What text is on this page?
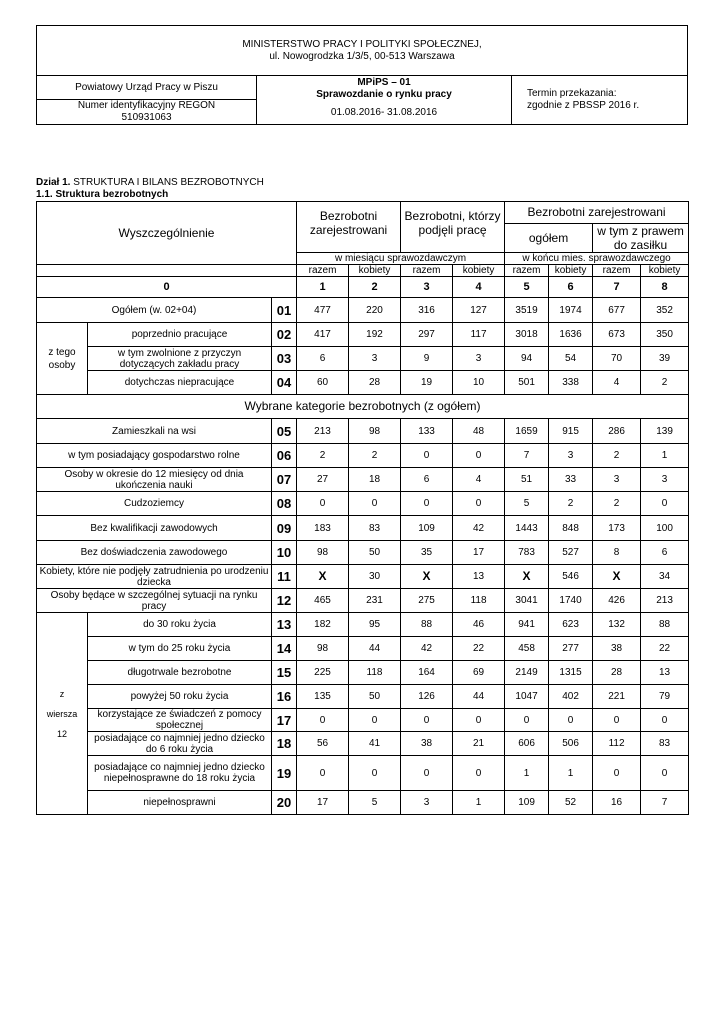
MINISTERSTWO PRACY I POLITYKI SPOŁECZNEJ,
ul. Nowogrodzka 1/3/5, 00-513 Warszawa
Powiatowy Urząd Pracy w Piszu
Numer identyfikacyjny REGON
510931063
MPiPS – 01
Sprawozdanie o rynku pracy
01.08.2016- 31.08.2016
Termin przekazania:
zgodnie z PBSSP 2016 r.
Dział 1. STRUKTURA I BILANS BEZROBOTNYCH
1.1. Struktura bezrobotnych
Wyszczególnienie			Bezrobotni zarejestrowani		Bezrobotni, którzy podjęli pracę		Bezrobotni zarejestrowani			
							ogółem		w tym z prawem do zasiłku	
			w miesiącu sprawozdawczym				w końcu mies. sprawozdawczego			
			razem	kobiety	razem	kobiety	razem	kobiety	razem	kobiety
0			1	2	3	4	5	6	7	8
Ogółem (w. 02+04)		01	477	220	316	127	3519	1974	677	352
z tego osoby	poprzednio pracujące	02	417	192	297	117	3018	1636	673	350
	w tym zwolnione z przyczyn dotyczących zakładu pracy	03	6	3	9	3	94	54	70	39
	dotychczas niepracujące	04	60	28	19	10	501	338	4	2
Wybrane kategorie bezrobotnych (z ogółem)										
Zamieszkali na wsi		05	213	98	133	48	1659	915	286	139
w tym posiadający gospodarstwo rolne		06	2	2	0	0	7	3	2	1
Osoby w okresie do 12 miesięcy od dnia ukończenia nauki		07	27	18	6	4	51	33	3	3
Cudzoziemcy		08	0	0	0	0	5	2	2	0
Bez kwalifikacji zawodowych		09	183	83	109	42	1443	848	173	100
Bez doświadczenia zawodowego		10	98	50	35	17	783	527	8	6
Kobiety, które nie podjęły zatrudnienia po urodzeniu dziecka		11	X	30	X	13	X	546	X	34
Osoby będące w szczególnej sytuacji na rynku pracy		12	465	231	275	118	3041	1740	426	213

z
wiersza
12	do 30 roku życia	13	182	95	88	46	941	623	132	88
	w tym do 25 roku życia	14	98	44	42	22	458	277	38	22
	długotrwale bezrobotne	15	225	118	164	69	2149	1315	28	13
	powyżej 50 roku życia	16	135	50	126	44	1047	402	221	79
	korzystające ze świadczeń z pomocy społecznej	17	0	0	0	0	0	0	0	0
	posiadające co najmniej jedno dziecko do 6 roku życia	18	56	41	38	21	606	506	112	83
	posiadające co najmniej jedno dziecko niepełnosprawne do 18 roku życia	19	0	0	0	0	1	1	0	0
	niepełnosprawni	20	17	5	3	1	109	52	16	7
